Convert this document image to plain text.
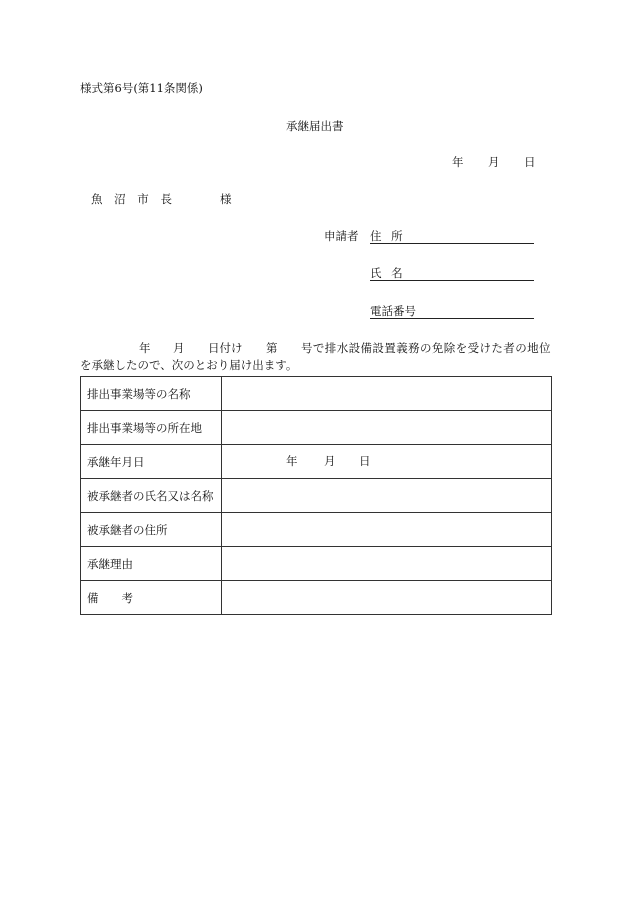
様式第6号(第11条関係)
承継届出書
年 月 日
魚 沼 市 長	様
申請者 住 所
氏 名
電話番号
年 月 日付け 第 号で排水設備設置義務の免除を受けた者の地位
を承継したので、次のとおり届け出ます。
排出事業場等の名称	
排出事業場等の所在地	
承継年月日	年 月 日

被承継者の氏名又は名称	
被承継者の住所	
承継理由	
備　　考	
